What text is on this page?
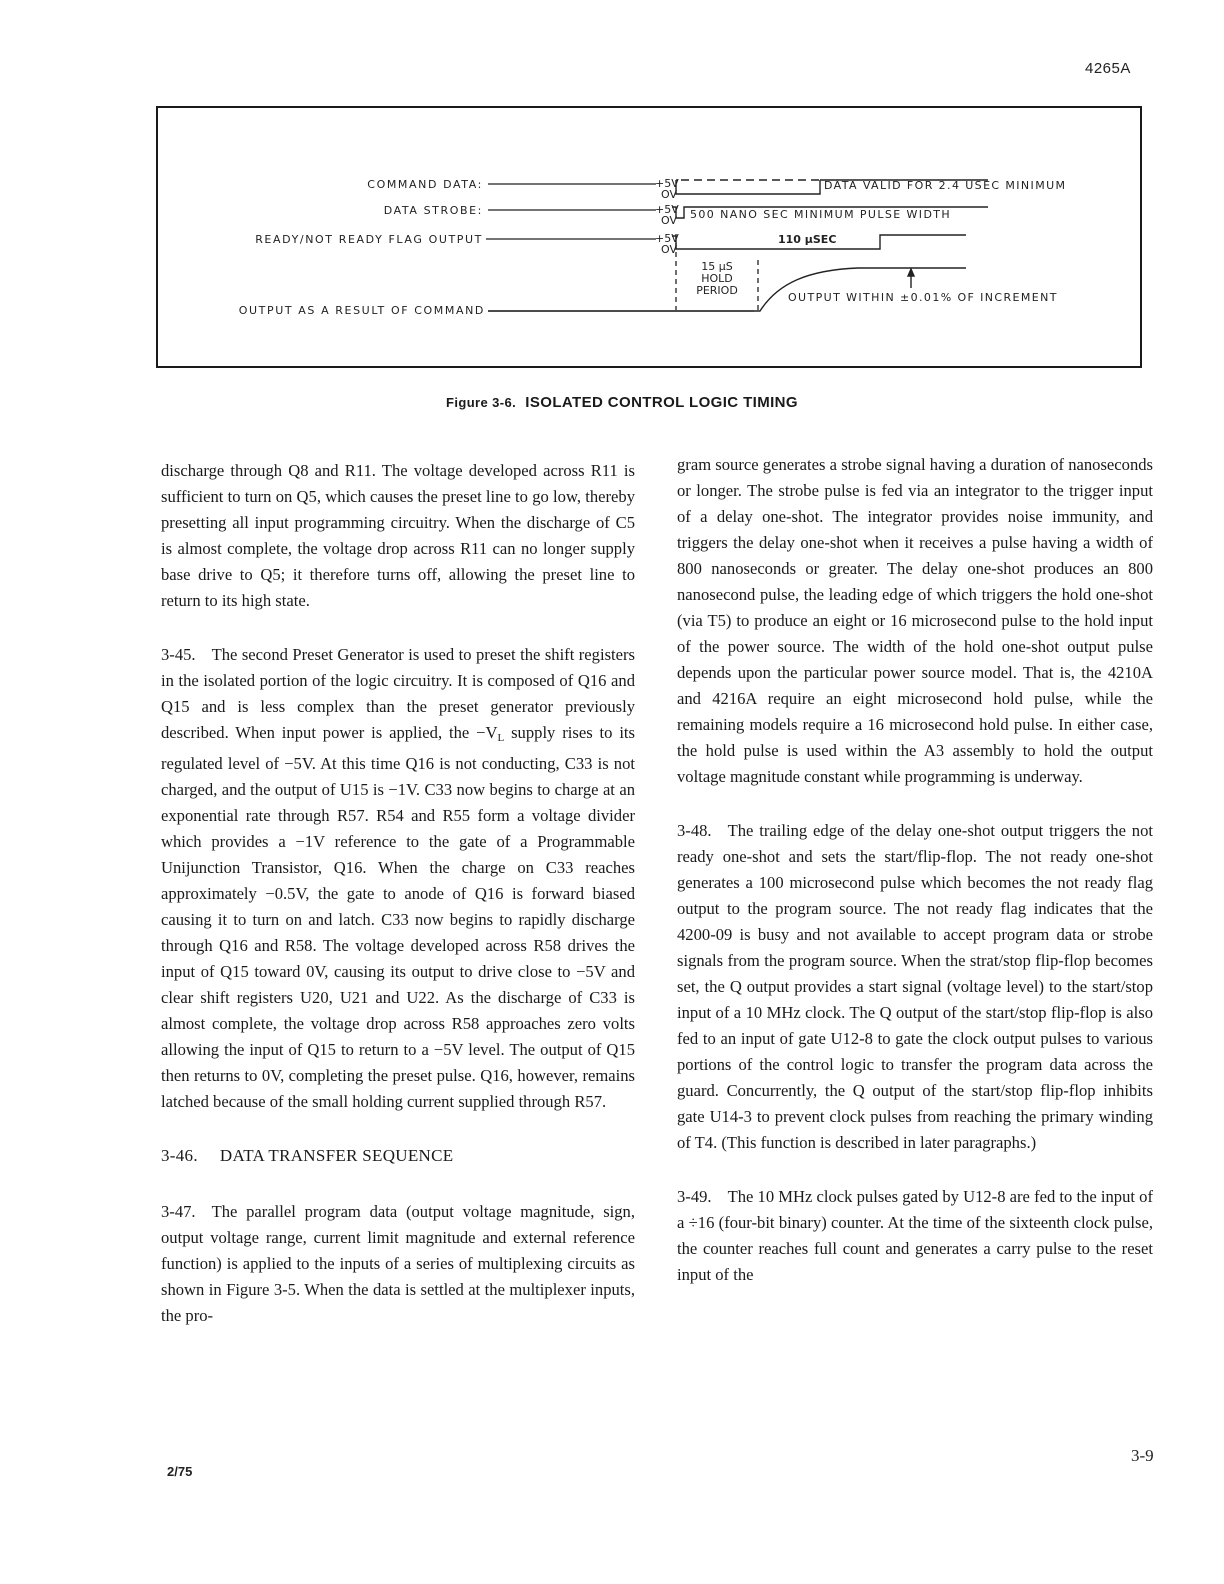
4265A
COMMAND DATA:
DATA STROBE:
READY/NOT READY FLAG OUTPUT
OUTPUT AS A RESULT OF COMMAND
+5V
OV
+5V
OV
+5V
OV
DATA VALID FOR 2.4 USEC MINIMUM
500 NANO SEC MINIMUM PULSE WIDTH
110 µSEC
15 µS
HOLD
PERIOD
OUTPUT WITHIN ±0.01% OF INCREMENT
Figure 3-6. ISOLATED CONTROL LOGIC TIMING

discharge through Q8 and R11. The voltage developed across R11 is sufficient to turn on Q5, which causes the preset line to go low, thereby presetting all input programming circuitry. When the discharge of C5 is almost complete, the voltage drop across R11 can no longer supply base drive to Q5; it therefore turns off, allowing the preset line to return to its high state.

3-45. The second Preset Generator is used to preset the shift registers in the isolated portion of the logic circuitry. It is composed of Q16 and Q15 and is less complex than the preset generator previously described. When input power is applied, the $-V_L$ supply rises to its regulated level of −5V. At this time Q16 is not conducting, C33 is not charged, and the output of U15 is −1V. C33 now begins to charge at an exponential rate through R57. R54 and R55 form a voltage divider which provides a −1V reference to the gate of a Programmable Unijunction Transistor, Q16. When the charge on C33 reaches approximately −0.5V, the gate to anode of Q16 is forward biased causing it to turn on and latch. C33 now begins to rapidly discharge through Q16 and R58. The voltage developed across R58 drives the input of Q15 toward 0V, causing its output to drive close to −5V and clear shift registers U20, U21 and U22. As the discharge of C33 is almost complete, the voltage drop across R58 approaches zero volts allowing the input of Q15 to return to a −5V level. The output of Q15 then returns to 0V, completing the preset pulse. Q16, however, remains latched because of the small holding current supplied through R57.

3-46. DATA TRANSFER SEQUENCE

3-47. The parallel program data (output voltage magnitude, sign, output voltage range, current limit magnitude and external reference function) is applied to the inputs of a series of multiplexing circuits as shown in Figure 3-5. When the data is settled at the multiplexer inputs, the pro-

gram source generates a strobe signal having a duration of nanoseconds or longer. The strobe pulse is fed via an integrator to the trigger input of a delay one-shot. The integrator provides noise immunity, and triggers the delay one-shot when it receives a pulse having a width of 800 nanoseconds or greater. The delay one-shot produces an 800 nanosecond pulse, the leading edge of which triggers the hold one-shot (via T5) to produce an eight or 16 microsecond pulse to the hold input of the power source. The width of the hold one-shot output pulse depends upon the particular power source model. That is, the 4210A and 4216A require an eight microsecond hold pulse, while the remaining models require a 16 microsecond hold pulse. In either case, the hold pulse is used within the A3 assembly to hold the output voltage magnitude constant while programming is underway.

3-48. The trailing edge of the delay one-shot output triggers the not ready one-shot and sets the start/flip-flop. The not ready one-shot generates a 100 microsecond pulse which becomes the not ready flag output to the program source. The not ready flag indicates that the 4200-09 is busy and not available to accept program data or strobe signals from the program source. When the strat/stop flip-flop becomes set, the Q output provides a start signal (voltage level) to the start/stop input of a 10 MHz clock. The Q output of the start/stop flip-flop is also fed to an input of gate U12-8 to gate the clock output pulses to various portions of the control logic to transfer the program data across the guard. Concurrently, the Q output of the start/stop flip-flop inhibits gate U14-3 to prevent clock pulses from reaching the primary winding of T4. (This function is described in later paragraphs.)

3-49. The 10 MHz clock pulses gated by U12-8 are fed to the input of a ÷16 (four-bit binary) counter. At the time of the sixteenth clock pulse, the counter reaches full count and generates a carry pulse to the reset input of the

2/75
3-9
